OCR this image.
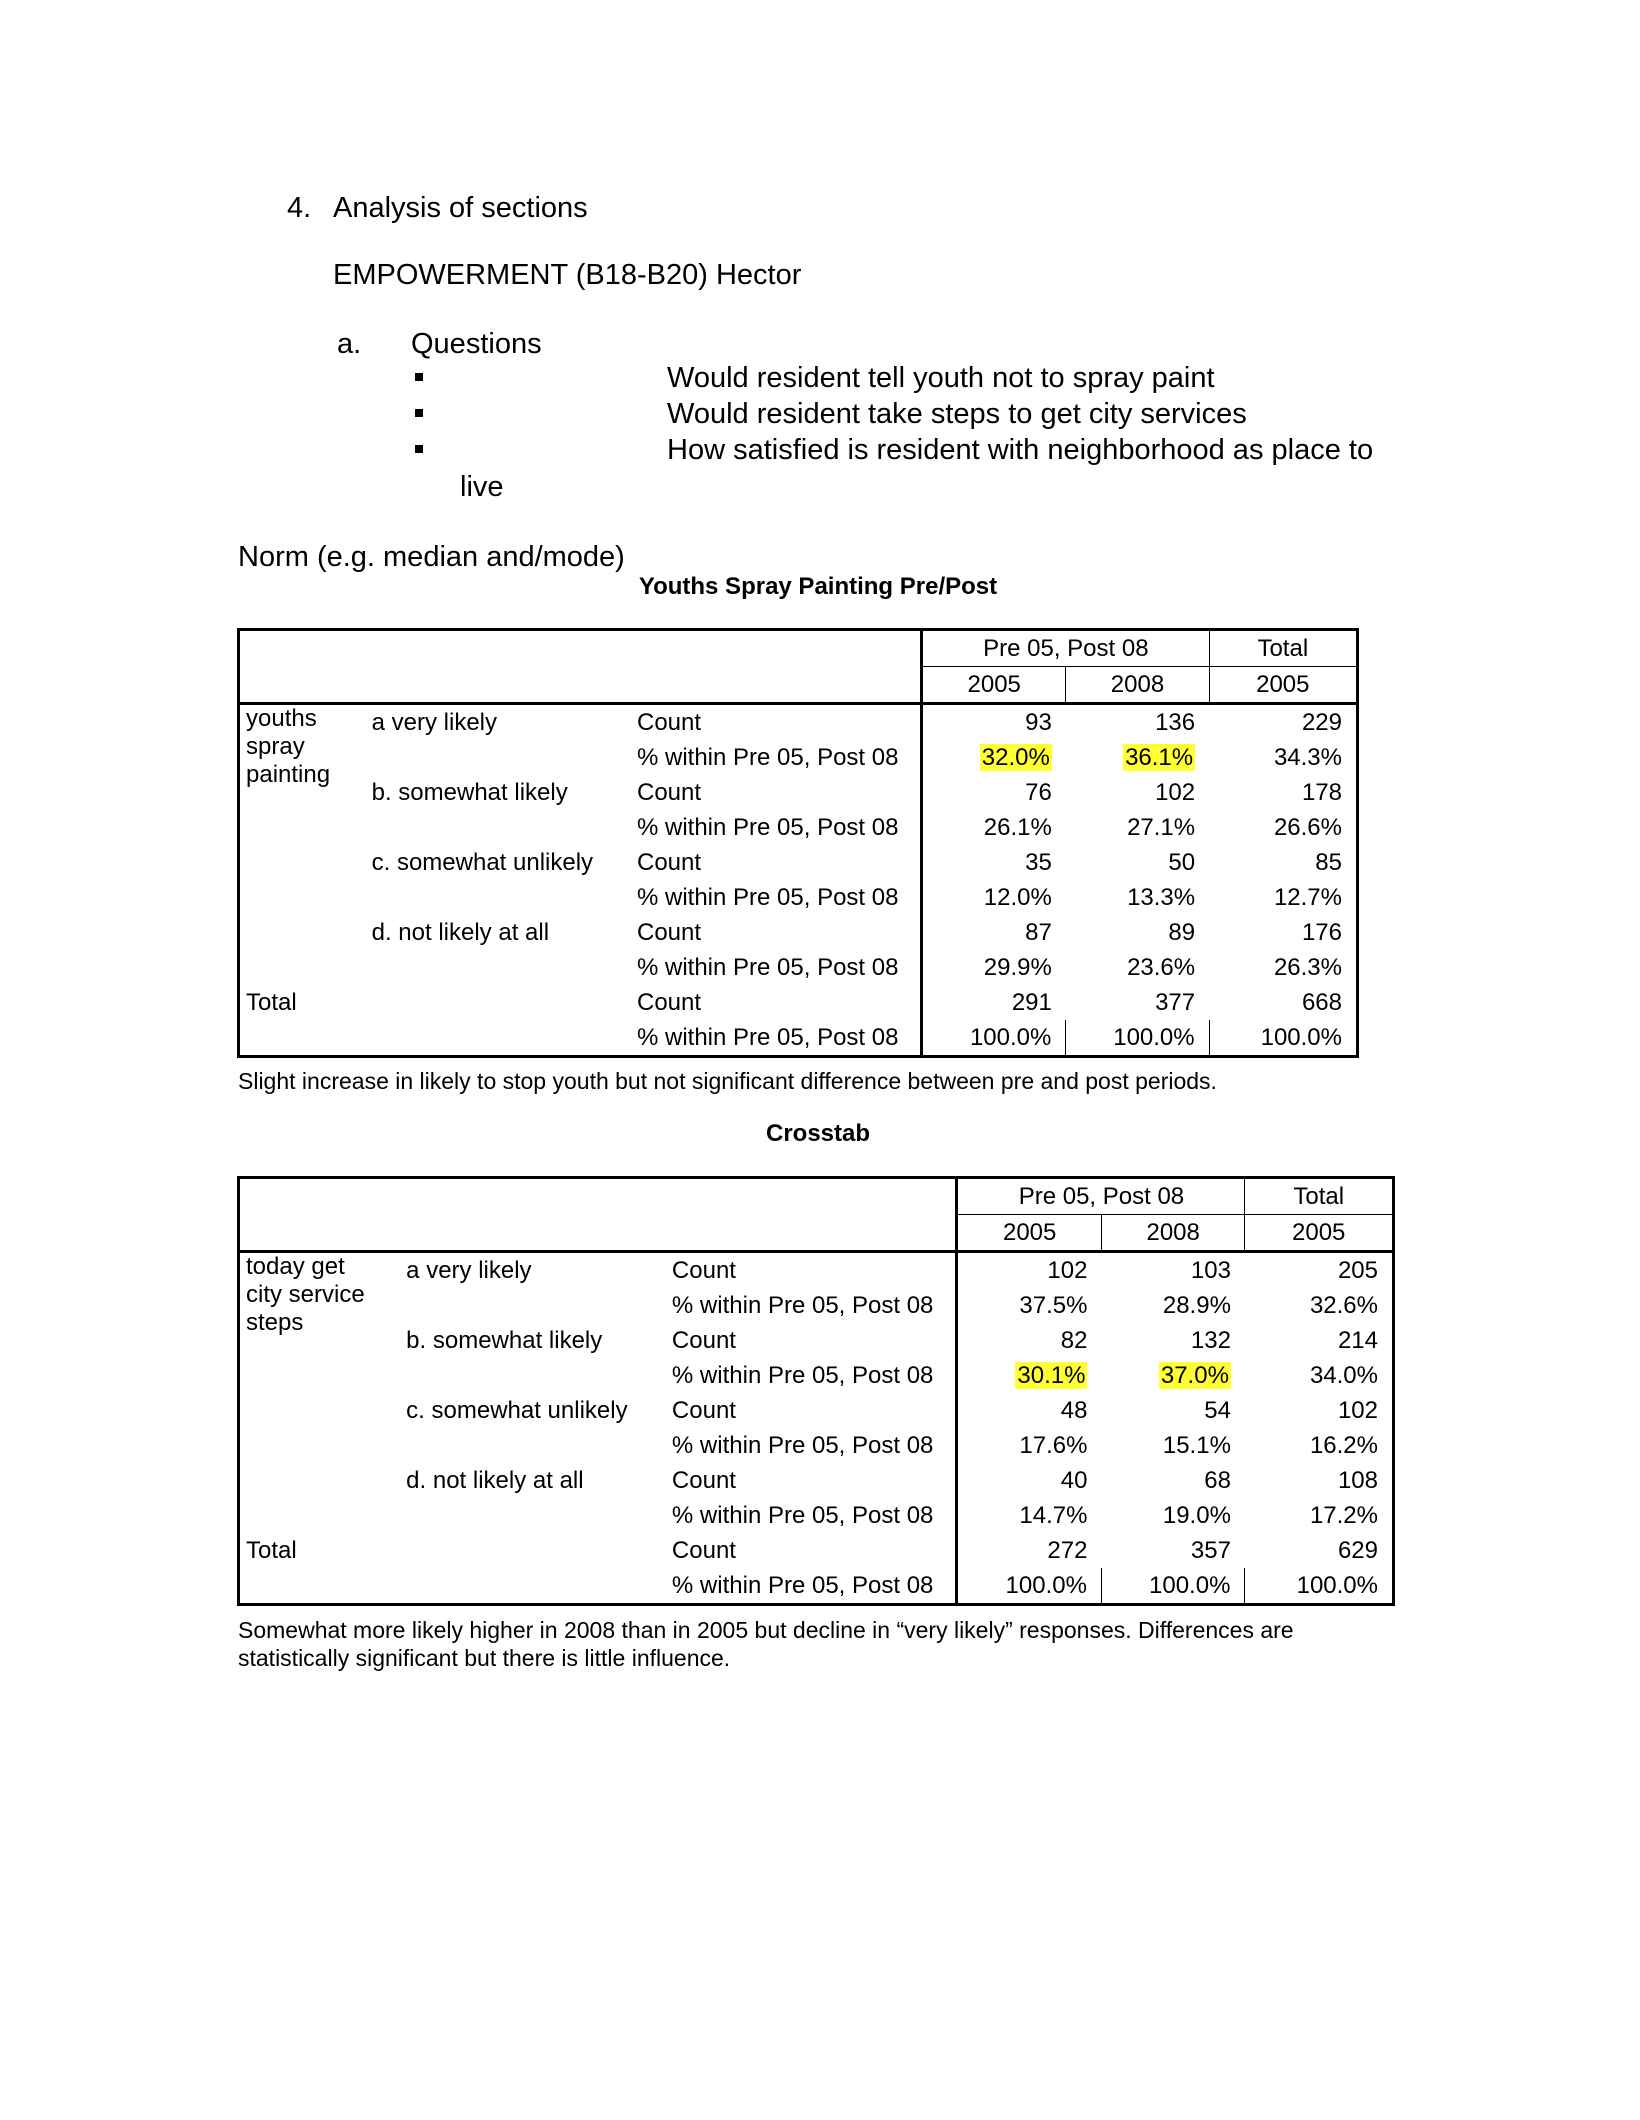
4. Analysis of sections
EMPOWERMENT (B18-B20) Hector
a. Questions
Would resident tell youth not to spray paint
Would resident take steps to get city services
How satisfied is resident with neighborhood as place to
live
Norm (e.g. median and/mode)
Youths Spray Painting Pre/Post
			Pre 05, Post 08		Total
			2005	2008	2005
youths
spray
painting	a very likely	Count	93	136	229
		% within Pre 05, Post 08	32.0%	36.1%	34.3%
	b. somewhat likely	Count	76	102	178
		% within Pre 05, Post 08	26.1%	27.1%	26.6%
	c. somewhat unlikely	Count	35	50	85
		% within Pre 05, Post 08	12.0%	13.3%	12.7%
	d. not likely at all	Count	87	89	176
		% within Pre 05, Post 08	29.9%	23.6%	26.3%
Total		Count	291	377	668
		% within Pre 05, Post 08	100.0%	100.0%	100.0%
Slight increase in likely to stop youth but not significant difference between pre and post periods.
Crosstab
			Pre 05, Post 08		Total
			2005	2008	2005
today get
city service
steps	a very likely	Count	102	103	205
		% within Pre 05, Post 08	37.5%	28.9%	32.6%
	b. somewhat likely	Count	82	132	214
		% within Pre 05, Post 08	30.1%	37.0%	34.0%
	c. somewhat unlikely	Count	48	54	102
		% within Pre 05, Post 08	17.6%	15.1%	16.2%
	d. not likely at all	Count	40	68	108
		% within Pre 05, Post 08	14.7%	19.0%	17.2%
Total		Count	272	357	629
		% within Pre 05, Post 08	100.0%	100.0%	100.0%
Somewhat more likely higher in 2008 than in 2005 but decline in “very likely” responses. Differences are statistically significant but there is little influence.
